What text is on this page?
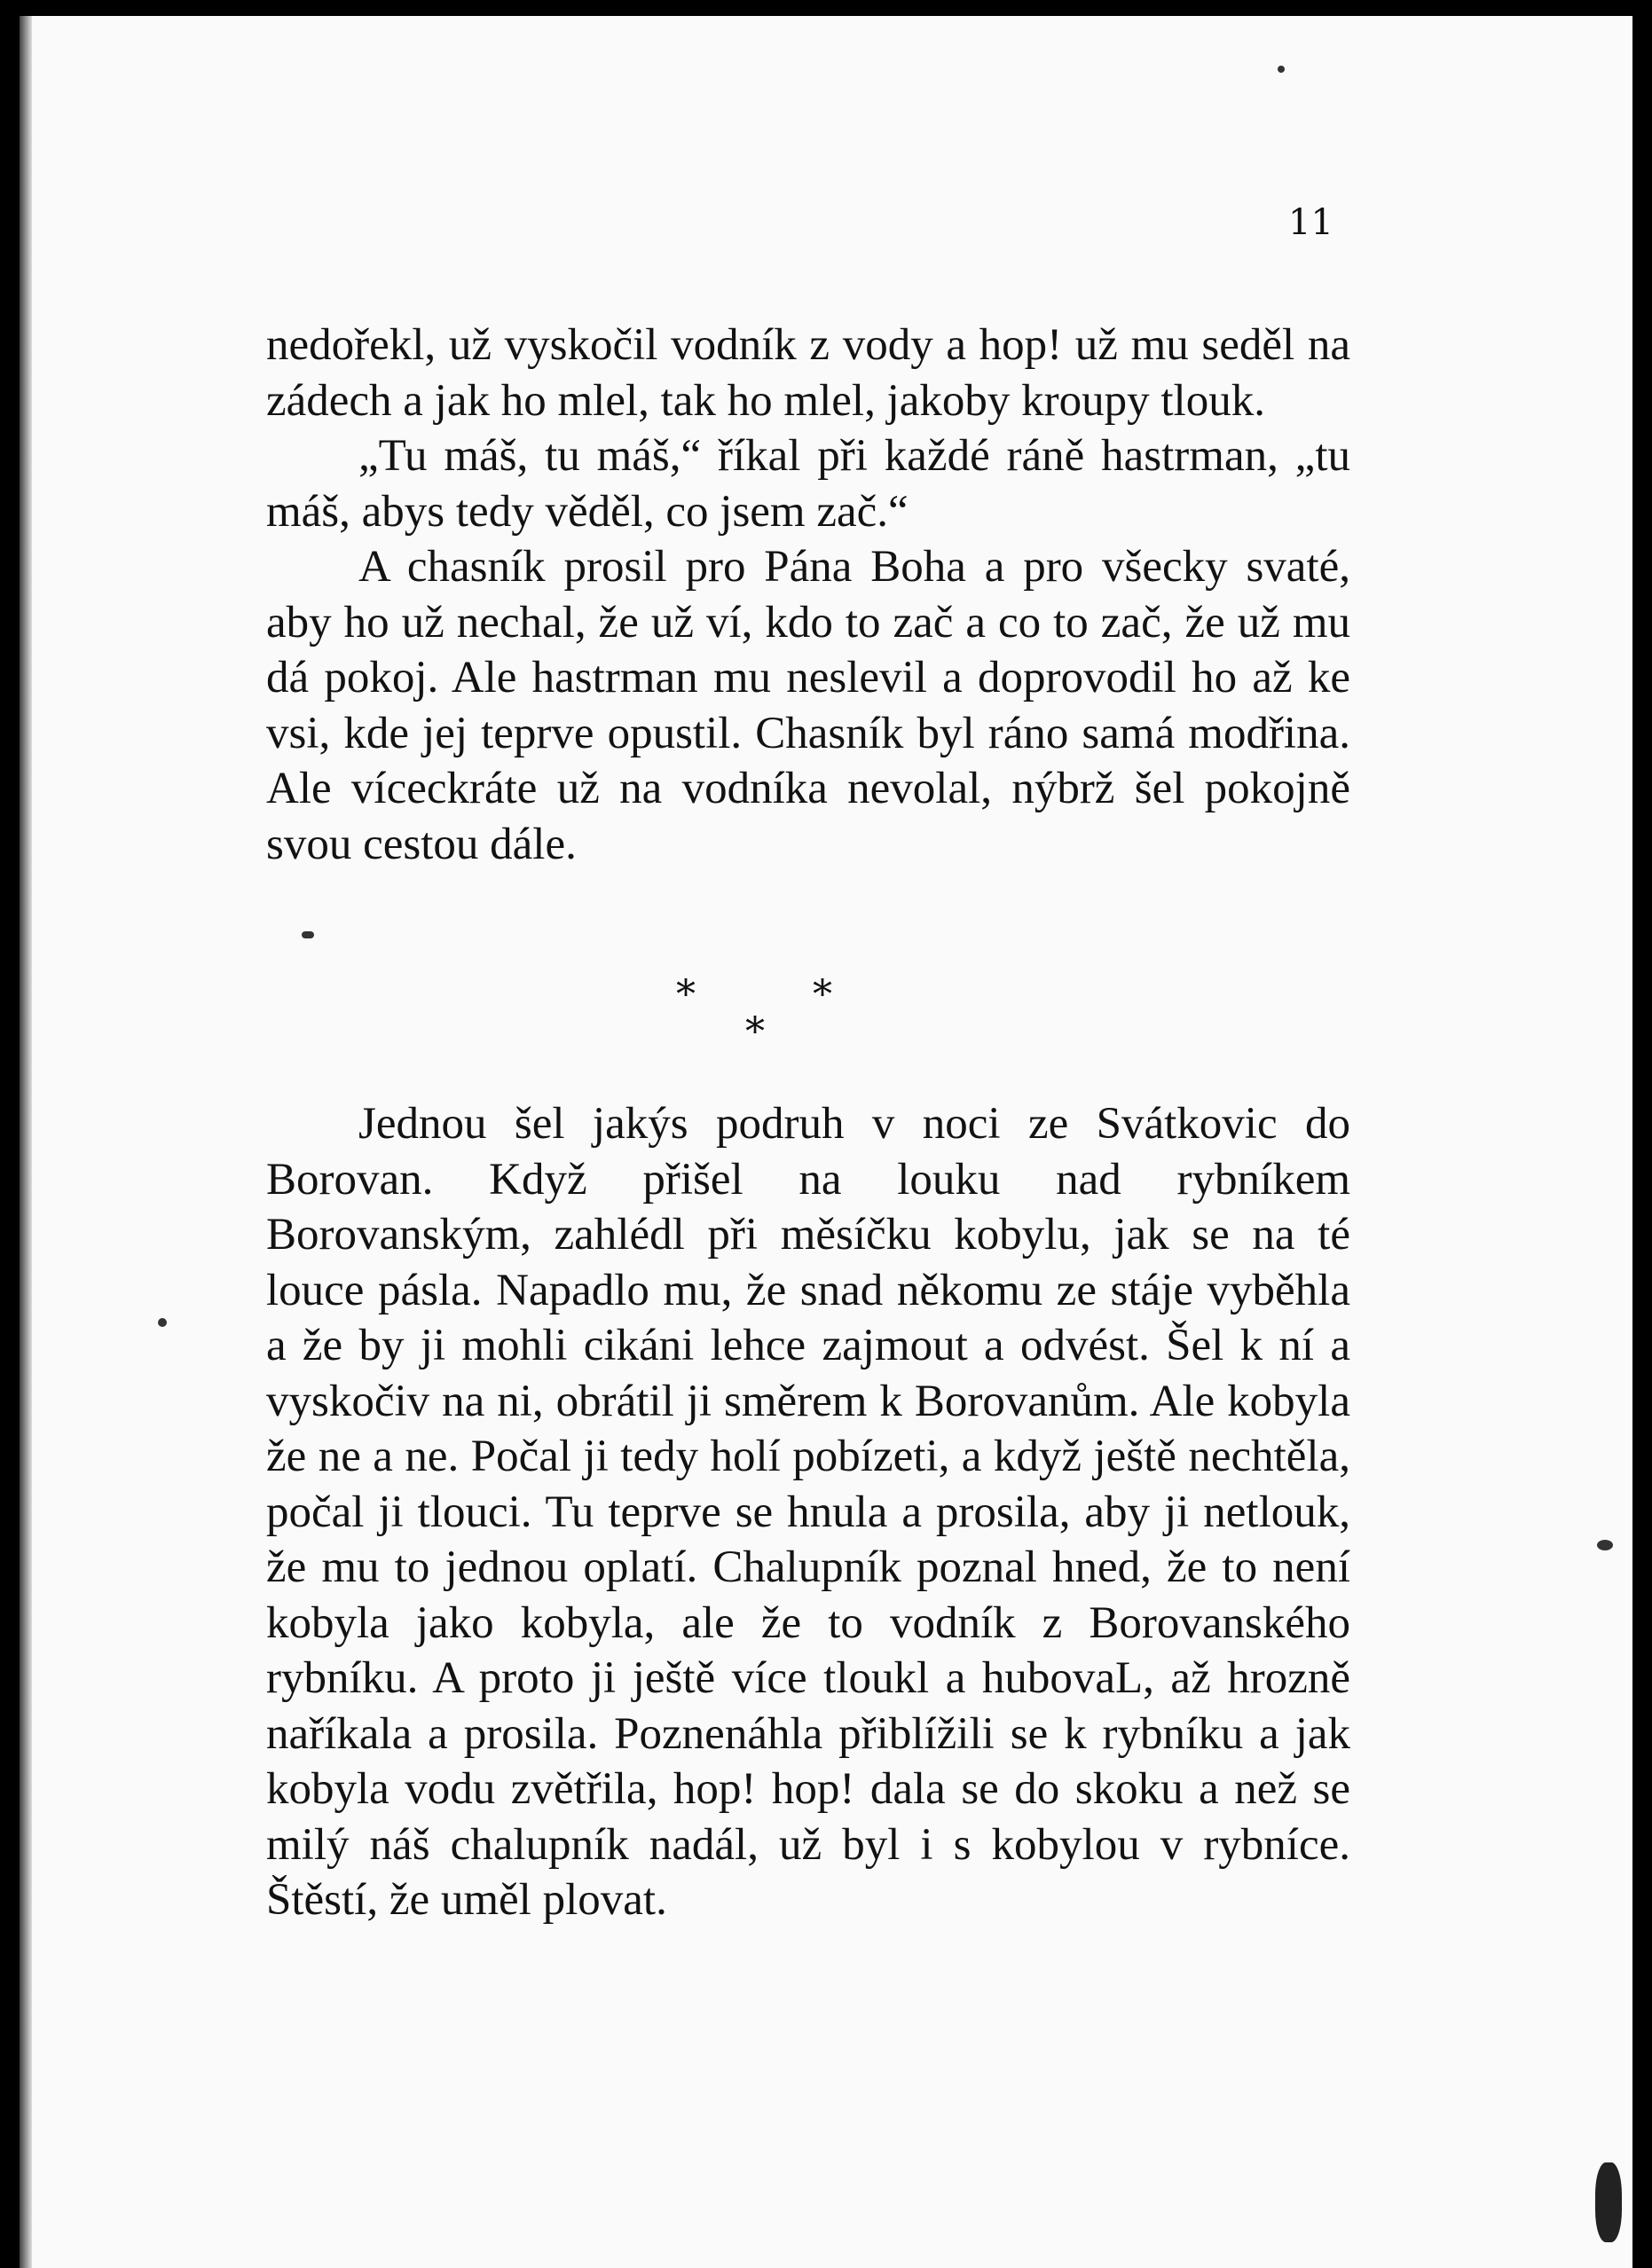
11

nedořekl, už vyskočil vodník z vody a hop! už mu seděl na zádech a jak ho mlel, tak ho mlel, jakoby kroupy tlouk.

„Tu máš, tu máš,“ říkal při každé ráně hastrman, „tu máš, abys tedy věděl, co jsem zač.“

A chasník prosil pro Pána Boha a pro všecky svaté, aby ho už nechal, že už ví, kdo to zač a co to zač, že už mu dá pokoj. Ale hastrman mu neslevil a doprovodil ho až ke vsi, kde jej teprve opustil. Chasník byl ráno samá modřina. Ale víceckráte už na vodníka nevolal, nýbrž šel pokojně svou cestou dále.

*	*
*

Jednou šel jakýs podruh v noci ze Svátkovic do Borovan. Když přišel na louku nad rybníkem Borovanským, zahlédl při měsíčku kobylu, jak se na té louce pásla. Napadlo mu, že snad někomu ze stáje vyběhla a že by ji mohli cikáni lehce zajmout a odvést. Šel k ní a vyskočiv na ni, obrátil ji směrem k Borovanům. Ale kobyla že ne a ne. Počal ji tedy holí pobízeti, a když ještě nechtěla, počal ji tlouci. Tu teprve se hnula a prosila, aby ji netlouk, že mu to jednou oplatí. Chalupník poznal hned, že to není kobyla jako kobyla, ale že to vodník z Borovanského rybníku. A proto ji ještě více tloukl a hubovaL, až hrozně naříkala a prosila. Poznenáhla přiblížili se k rybníku a jak kobyla vodu zvětřila, hop! hop! dala se do skoku a než se milý náš chalupník nadál, už byl i s kobylou v rybníce. Štěstí, že uměl plovat.
